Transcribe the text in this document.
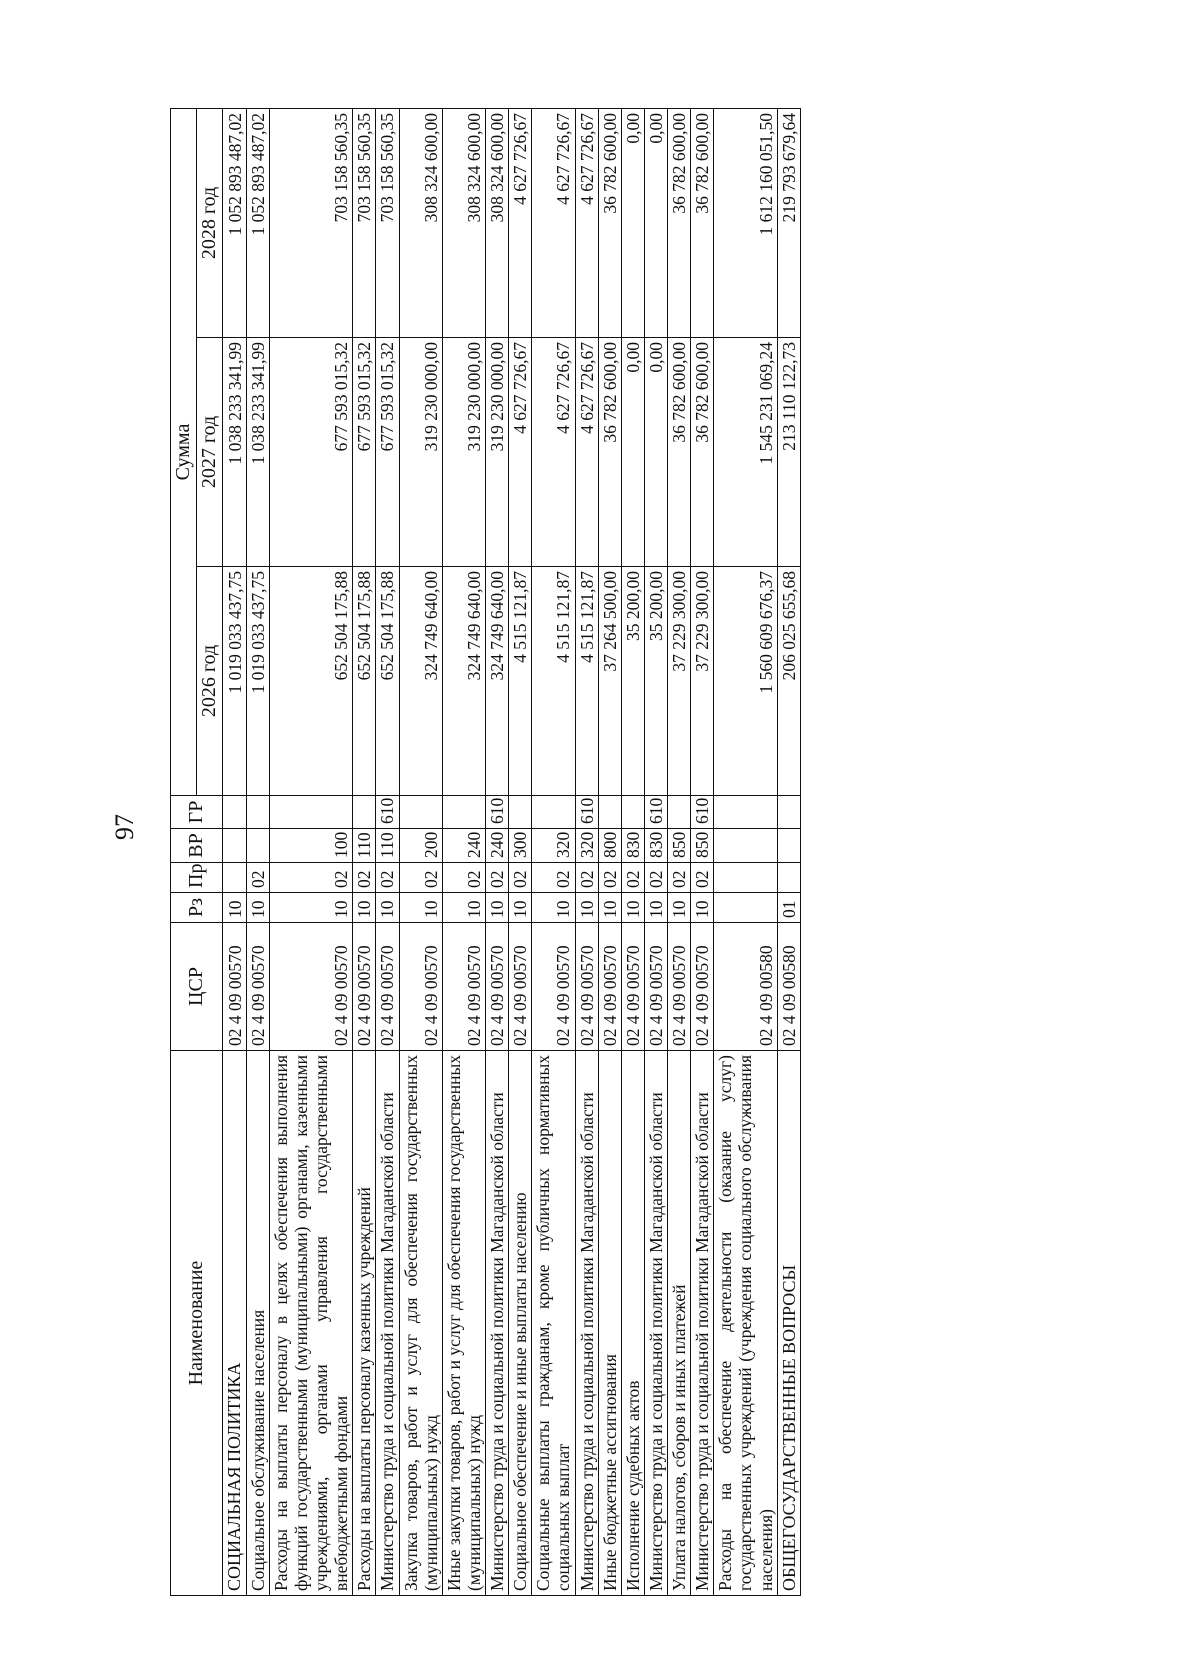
97
Наименование	ЦСР	Рз	Пр	ВР	ГР	Сумма		
						2026 год	2027 год	2028 год
СОЦИАЛЬНАЯ ПОЛИТИКА	02 4 09 00570	10				1 019 033 437,75	1 038 233 341,99	1 052 893 487,02
Социальное обслуживание населения	02 4 09 00570	10	02			1 019 033 437,75	1 038 233 341,99	1 052 893 487,02
Расходы на выплаты персоналу в целях обеспечения выполнения функций государственными (муниципальными) органами, казенными учреждениями, органами управления государственными внебюджетными фондами	02 4 09 00570	10	02	100		652 504 175,88	677 593 015,32	703 158 560,35
Расходы на выплаты персоналу казенных учреждений	02 4 09 00570	10	02	110		652 504 175,88	677 593 015,32	703 158 560,35
Министерство труда и социальной политики Магаданской области	02 4 09 00570	10	02	110	610	652 504 175,88	677 593 015,32	703 158 560,35
Закупка товаров, работ и услуг для обеспечения государственных (муниципальных) нужд	02 4 09 00570	10	02	200		324 749 640,00	319 230 000,00	308 324 600,00
Иные закупки товаров, работ и услуг для обеспечения государственных (муниципальных) нужд	02 4 09 00570	10	02	240		324 749 640,00	319 230 000,00	308 324 600,00
Министерство труда и социальной политики Магаданской области	02 4 09 00570	10	02	240	610	324 749 640,00	319 230 000,00	308 324 600,00
Социальное обеспечение и иные выплаты населению	02 4 09 00570	10	02	300		4 515 121,87	4 627 726,67	4 627 726,67
Социальные выплаты гражданам, кроме публичных нормативных социальных выплат	02 4 09 00570	10	02	320		4 515 121,87	4 627 726,67	4 627 726,67
Министерство труда и социальной политики Магаданской области	02 4 09 00570	10	02	320	610	4 515 121,87	4 627 726,67	4 627 726,67
Иные бюджетные ассигнования	02 4 09 00570	10	02	800		37 264 500,00	36 782 600,00	36 782 600,00
Исполнение судебных актов	02 4 09 00570	10	02	830		35 200,00	0,00	0,00
Министерство труда и социальной политики Магаданской области	02 4 09 00570	10	02	830	610	35 200,00	0,00	0,00
Уплата налогов, сборов и иных платежей	02 4 09 00570	10	02	850		37 229 300,00	36 782 600,00	36 782 600,00
Министерство труда и социальной политики Магаданской области	02 4 09 00570	10	02	850	610	37 229 300,00	36 782 600,00	36 782 600,00
Расходы на обеспечение деятельности (оказание услуг) государственных учреждений (учреждения социального обслуживания населения)	02 4 09 00580					1 560 609 676,37	1 545 231 069,24	1 612 160 051,50
ОБЩЕГОСУДАРСТВЕННЫЕ ВОПРОСЫ	02 4 09 00580	01				206 025 655,68	213 110 122,73	219 793 679,64
